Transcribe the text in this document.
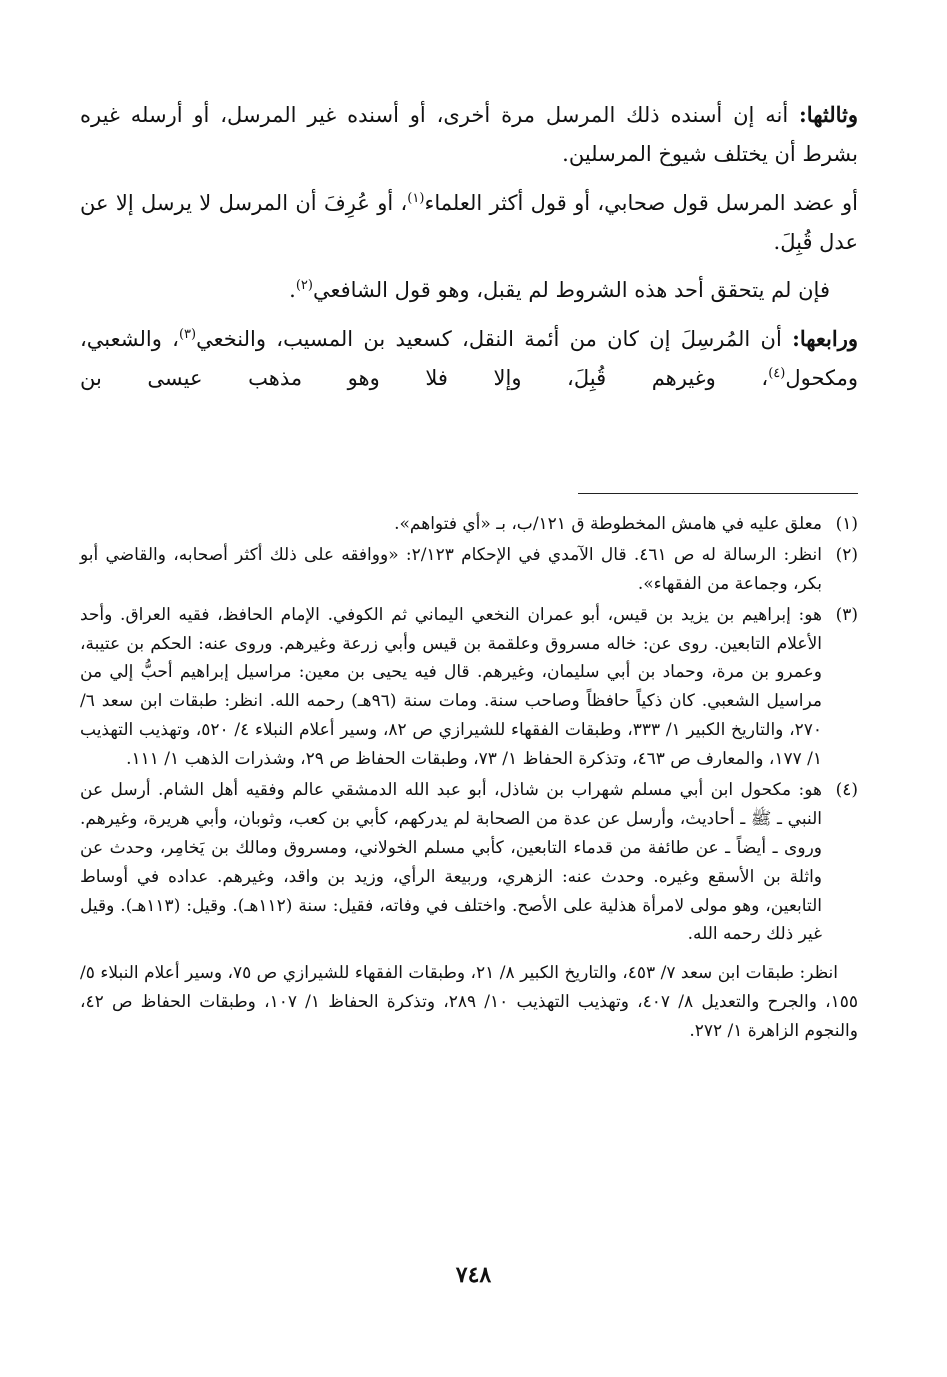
وثالثها: أنه إن أسنده ذلك المرسل مرة أخرى، أو أسنده غير المرسل، أو أرسله غيره بشرط أن يختلف شيوخ المرسلين.

أو عضد المرسل قول صحابي، أو قول أكثر العلماء$^{(١)}$، أو عُرِفَ أن المرسل لا يرسل إلا عن عدل قُبِلَ.

فإن لم يتحقق أحد هذه الشروط لم يقبل، وهو قول الشافعي$^{(٢)}$.

ورابعها: أن المُرسِلَ إن كان من أئمة النقل، كسعيد بن المسيب، والنخعي$^{(٣)}$، والشعبي، ومكحول$^{(٤)}$، وغيرهم قُبِلَ، وإلا فلا وهو مذهب عيسى بن

(١)

معلق عليه في هامش المخطوطة ق ١٢١/ب، بـ «أي فتواهم».

(٢)

انظر: الرسالة له ص ٤٦١. قال الآمدي في الإحكام ٢/١٢٣: «ووافقه على ذلك أكثر أصحابه، والقاضي أبو بكر، وجماعة من الفقهاء».

(٣)

هو: إبراهيم بن يزيد بن قيس، أبو عمران النخعي اليماني ثم الكوفي. الإمام الحافظ، فقيه العراق. وأحد الأعلام التابعين. روى عن: خاله مسروق وعلقمة بن قيس وأبي زرعة وغيرهم. وروى عنه: الحكم بن عتيبة، وعمرو بن مرة، وحماد بن أبي سليمان، وغيرهم. قال فيه يحيى بن معين: مراسيل إبراهيم أحبُّ إلي من مراسيل الشعبي. كان ذكياً حافظاً وصاحب سنة. ومات سنة (٩٦هـ) رحمه الله. انظر: طبقات ابن سعد ٦/ ٢٧٠، والتاريخ الكبير ١/ ٣٣٣، وطبقات الفقهاء للشيرازي ص ٨٢، وسير أعلام النبلاء ٤/ ٥٢٠، وتهذيب التهذيب ١/ ١٧٧، والمعارف ص ٤٦٣، وتذكرة الحفاظ ١/ ٧٣، وطبقات الحفاظ ص ٢٩، وشذرات الذهب ١/ ١١١.

(٤)

هو: مكحول ابن أبي مسلم شهراب بن شاذل، أبو عبد الله الدمشقي عالم وفقيه أهل الشام. أرسل عن النبي ـ ﷺ ـ أحاديث، وأرسل عن عدة من الصحابة لم يدركهم، كأبي بن كعب، وثوبان، وأبي هريرة، وغيرهم. وروى ـ أيضاً ـ عن طائفة من قدماء التابعين، كأبي مسلم الخولاني، ومسروق ومالك بن يَخامِر، وحدث عن واثلة بن الأسقع وغيره. وحدث عنه: الزهري، وربيعة الرأي، وزيد بن واقد، وغيرهم. عداده في أوساط التابعين، وهو مولى لامرأة هذلية على الأصح. واختلف في وفاته، فقيل: سنة (١١٢هـ). وقيل: (١١٣هـ). وقيل غير ذلك رحمه الله.

انظر: طبقات ابن سعد ٧/ ٤٥٣، والتاريخ الكبير ٨/ ٢١، وطبقات الفقهاء للشيرازي ص ٧٥، وسير أعلام النبلاء ٥/ ١٥٥، والجرح والتعديل ٨/ ٤٠٧، وتهذيب التهذيب ١٠/ ٢٨٩، وتذكرة الحفاظ ١/ ١٠٧، وطبقات الحفاظ ص ٤٢، والنجوم الزاهرة ١/ ٢٧٢.

٧٤٨
